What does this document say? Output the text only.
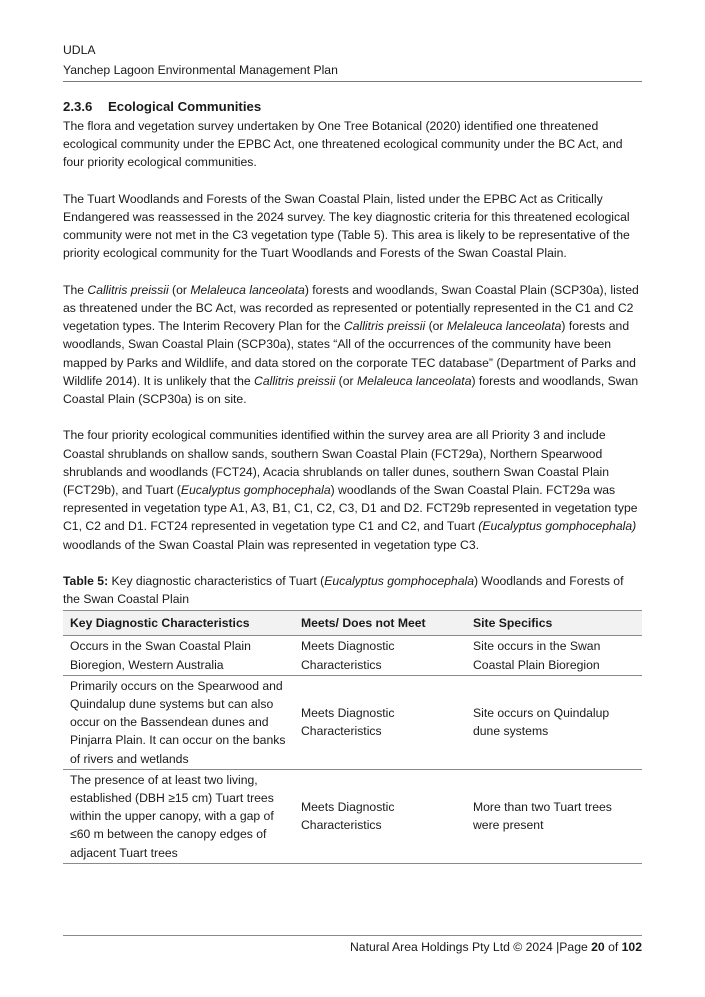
UDLA
Yanchep Lagoon Environmental Management Plan
2.3.6 Ecological Communities

The flora and vegetation survey undertaken by One Tree Botanical (2020) identified one threatened ecological community under the EPBC Act, one threatened ecological community under the BC Act, and four priority ecological communities.

The Tuart Woodlands and Forests of the Swan Coastal Plain, listed under the EPBC Act as Critically Endangered was reassessed in the 2024 survey. The key diagnostic criteria for this threatened ecological community were not met in the C3 vegetation type (Table 5). This area is likely to be representative of the priority ecological community for the Tuart Woodlands and Forests of the Swan Coastal Plain.

The Callitris preissii (or Melaleuca lanceolata) forests and woodlands, Swan Coastal Plain (SCP30a), listed as threatened under the BC Act, was recorded as represented or potentially represented in the C1 and C2 vegetation types. The Interim Recovery Plan for the Callitris preissii (or Melaleuca lanceolata) forests and woodlands, Swan Coastal Plain (SCP30a), states “All of the occurrences of the community have been mapped by Parks and Wildlife, and data stored on the corporate TEC database” (Department of Parks and Wildlife 2014). It is unlikely that the Callitris preissii (or Melaleuca lanceolata) forests and woodlands, Swan Coastal Plain (SCP30a) is on site.

The four priority ecological communities identified within the survey area are all Priority 3 and include Coastal shrublands on shallow sands, southern Swan Coastal Plain (FCT29a), Northern Spearwood shrublands and woodlands (FCT24), Acacia shrublands on taller dunes, southern Swan Coastal Plain (FCT29b), and Tuart (Eucalyptus gomphocephala) woodlands of the Swan Coastal Plain. FCT29a was represented in vegetation type A1, A3, B1, C1, C2, C3, D1 and D2. FCT29b represented in vegetation type C1, C2 and D1. FCT24 represented in vegetation type C1 and C2, and Tuart (Eucalyptus gomphocephala) woodlands of the Swan Coastal Plain was represented in vegetation type C3.

Table 5: Key diagnostic characteristics of Tuart (Eucalyptus gomphocephala) Woodlands and Forests of the Swan Coastal Plain
Key Diagnostic Characteristics	Meets/ Does not Meet	Site Specifics
Occurs in the Swan Coastal Plain Bioregion, Western Australia	Meets Diagnostic Characteristics	Site occurs in the Swan Coastal Plain Bioregion
Primarily occurs on the Spearwood and Quindalup dune systems but can also occur on the Bassendean dunes and Pinjarra Plain. It can occur on the banks of rivers and wetlands	Meets Diagnostic Characteristics	Site occurs on Quindalup dune systems
The presence of at least two living, established (DBH ≥15 cm) Tuart trees within the upper canopy, with a gap of ≤60 m between the canopy edges of adjacent Tuart trees	Meets Diagnostic Characteristics	More than two Tuart trees were present
Natural Area Holdings Pty Ltd © 2024 |Page 20 of 102
